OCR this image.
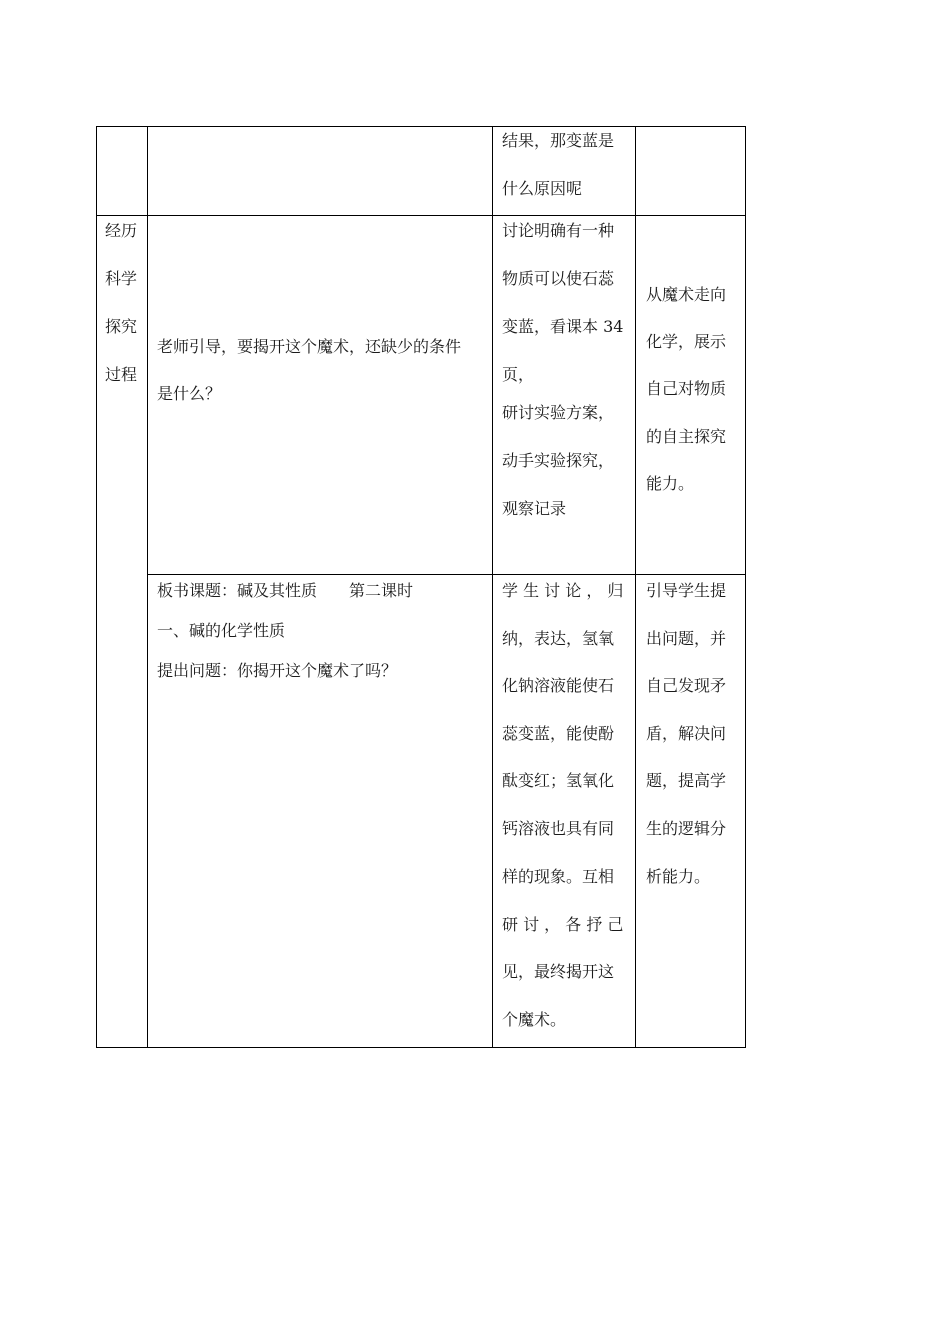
结果，那变蓝是
什么原因呢
经历
科学
探究
过程
老师引导，要揭开这个魔术，还缺少的条件
是什么？
讨论明确有一种
物质可以使石蕊
变蓝，看课本 34
页，
研讨实验方案，
动手实验探究，
观察记录
从魔术走向
化学，展示
自己对物质
的自主探究
能力。
板书课题：碱及其性质　　第二课时
一、碱的化学性质
提出问题：你揭开这个魔术了吗？
学 生 讨 论 ， 归
纳，表达，氢氧
化钠溶液能使石
蕊变蓝，能使酚
酞变红；氢氧化
钙溶液也具有同
样的现象。互相
研 讨 ， 各 抒 己
见，最终揭开这
个魔术。
引导学生提
出问题，并
自己发现矛
盾，解决问
题，提高学
生的逻辑分
析能力。
